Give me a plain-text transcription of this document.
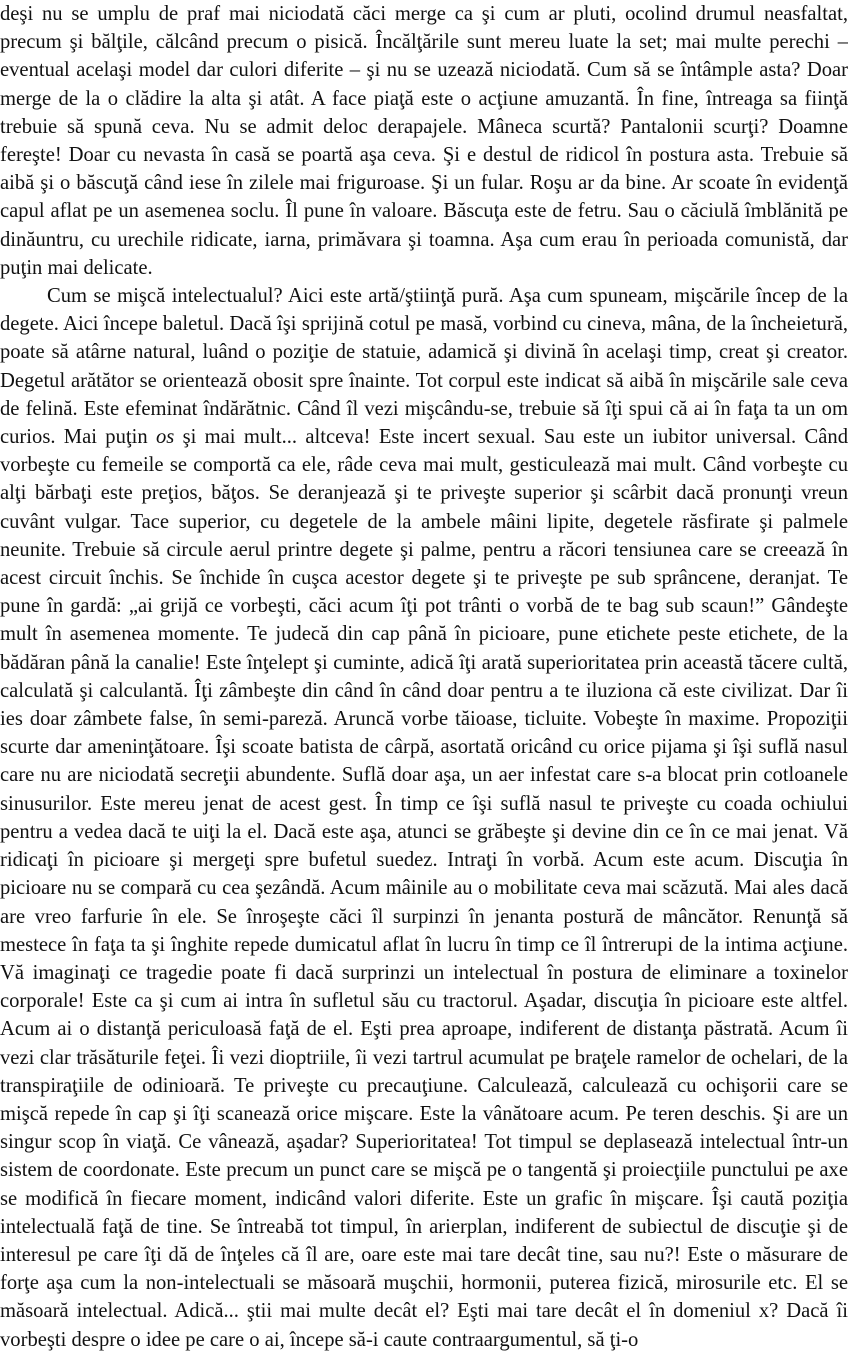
deşi nu se umplu de praf mai niciodată căci merge ca şi cum ar pluti, ocolind drumul neasfaltat, precum şi bălţile, călcând precum o pisică. Încălţările sunt mereu luate la set; mai multe perechi – eventual acelaşi model dar culori diferite – şi nu se uzează niciodată. Cum să se întâmple asta? Doar merge de la o clădire la alta şi atât. A face piaţă este o acţiune amuzantă. În fine, întreaga sa fiinţă trebuie să spună ceva. Nu se admit deloc derapajele. Mâneca scurtă? Pantalonii scurţi? Doamne fereşte! Doar cu nevasta în casă se poartă aşa ceva. Şi e destul de ridicol în postura asta. Trebuie să aibă şi o băscuţă când iese în zilele mai friguroase. Şi un fular. Roşu ar da bine. Ar scoate în evidenţă capul aflat pe un asemenea soclu. Îl pune în valoare. Băscuţa este de fetru. Sau o căciulă îmblănită pe dinăuntru, cu urechile ridicate, iarna, primăvara şi toamna. Aşa cum erau în perioada comunistă, dar puţin mai delicate.

Cum se mişcă intelectualul? Aici este artă/ştiinţă pură. Aşa cum spuneam, mişcările încep de la degete. Aici începe baletul. Dacă îşi sprijină cotul pe masă, vorbind cu cineva, mâna, de la încheietură, poate să atârne natural, luând o poziţie de statuie, adamică şi divină în acelaşi timp, creat şi creator. Degetul arătător se orientează obosit spre înainte. Tot corpul este indicat să aibă în mişcările sale ceva de felină. Este efeminat îndărătnic. Când îl vezi mişcându-se, trebuie să îţi spui că ai în faţa ta un om curios. Mai puţin os şi mai mult... altceva! Este incert sexual. Sau este un iubitor universal. Când vorbeşte cu femeile se comportă ca ele, râde ceva mai mult, gesticulează mai mult. Când vorbeşte cu alţi bărbaţi este preţios, băţos. Se deranjează şi te priveşte superior şi scârbit dacă pronunţi vreun cuvânt vulgar. Tace superior, cu degetele de la ambele mâini lipite, degetele răsfirate şi palmele neunite. Trebuie să circule aerul printre degete şi palme, pentru a răcori tensiunea care se creează în acest circuit închis. Se închide în cuşca acestor degete şi te priveşte pe sub sprâncene, deranjat. Te pune în gardă: „ai grijă ce vorbeşti, căci acum îţi pot trânti o vorbă de te bag sub scaun!” Gândeşte mult în asemenea momente. Te judecă din cap până în picioare, pune etichete peste etichete, de la bădăran până la canalie! Este înţelept şi cuminte, adică îţi arată superioritatea prin această tăcere cultă, calculată şi calculantă. Îţi zâmbeşte din când în când doar pentru a te iluziona că este civilizat. Dar îi ies doar zâmbete false, în semi-pareză. Aruncă vorbe tăioase, ticluite. Vobeşte în maxime. Propoziţii scurte dar ameninţătoare. Îşi scoate batista de cârpă, asortată oricând cu orice pijama şi îşi suflă nasul care nu are niciodată secreţii abundente. Suflă doar aşa, un aer infestat care s-a blocat prin cotloanele sinusurilor. Este mereu jenat de acest gest. În timp ce îşi suflă nasul te priveşte cu coada ochiului pentru a vedea dacă te uiţi la el. Dacă este aşa, atunci se grăbeşte şi devine din ce în ce mai jenat. Vă ridicaţi în picioare şi mergeţi spre bufetul suedez. Intraţi în vorbă. Acum este acum. Discuţia în picioare nu se compară cu cea şezândă. Acum mâinile au o mobilitate ceva mai scăzută. Mai ales dacă are vreo farfurie în ele. Se înroşeşte căci îl surpinzi în jenanta postură de mâncător. Renunţă să mestece în faţa ta şi înghite repede dumicatul aflat în lucru în timp ce îl întrerupi de la intima acţiune. Vă imaginaţi ce tragedie poate fi dacă surprinzi un intelectual în postura de eliminare a toxinelor corporale! Este ca şi cum ai intra în sufletul său cu tractorul. Aşadar, discuţia în picioare este altfel. Acum ai o distanţă periculoasă faţă de el. Eşti prea aproape, indiferent de distanţa păstrată. Acum îi vezi clar trăsăturile feţei. Îi vezi dioptriile, îi vezi tartrul acumulat pe braţele ramelor de ochelari, de la transpiraţiile de odinioară. Te priveşte cu precauţiune. Calculează, calculează cu ochişorii care se mişcă repede în cap şi îţi scanează orice mişcare. Este la vânătoare acum. Pe teren deschis. Şi are un singur scop în viaţă. Ce vânează, aşadar? Superioritatea! Tot timpul se deplasează intelectual într-un sistem de coordonate. Este precum un punct care se mişcă pe o tangentă şi proiecţiile punctului pe axe se modifică în fiecare moment, indicând valori diferite. Este un grafic în mişcare. Îşi caută poziţia intelectuală faţă de tine. Se întreabă tot timpul, în arierplan, indiferent de subiectul de discuţie şi de interesul pe care îţi dă de înţeles că îl are, oare este mai tare decât tine, sau nu?! Este o măsurare de forţe aşa cum la non-intelectuali se măsoară muşchii, hormonii, puterea fizică, mirosurile etc. El se măsoară intelectual. Adică... ştii mai multe decât el? Eşti mai tare decât el în domeniul x? Dacă îi vorbeşti despre o idee pe care o ai, începe să-i caute contraargumentul, să ţi-o
